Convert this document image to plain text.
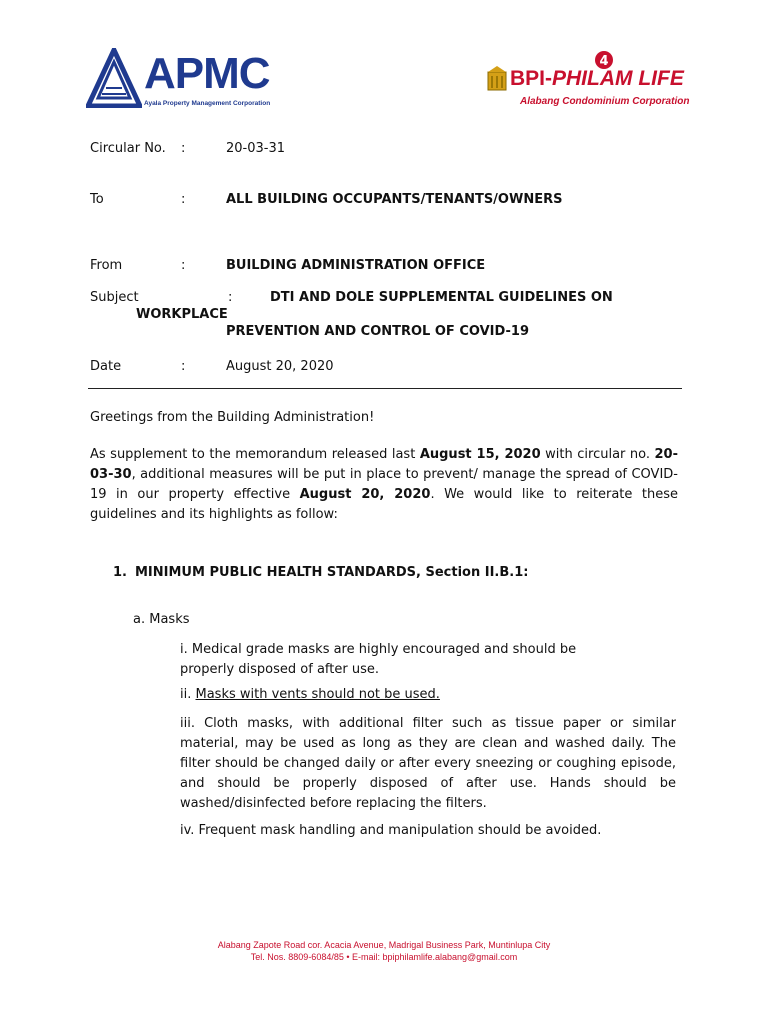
APMC
Ayala Property Management Corporation
4
BPI-PHILAM LIFE
Alabang Condominium Corporation
Circular No. :	20-03-31
To	:	ALL BUILDING OCCUPANTS/TENANTS/OWNERS
From	:	BUILDING ADMINISTRATION OFFICE
Subject	:	DTI AND DOLE SUPPLEMENTAL GUIDELINES ON
WORKPLACE
PREVENTION AND CONTROL OF COVID-19
Date	:	August 20, 2020
Greetings from the Building Administration!
As supplement to the memorandum released last August 15, 2020 with circular no. 20-03-30, additional measures will be put in place to prevent/ manage the spread of COVID-19 in our property effective August 20, 2020. We would like to reiterate these guidelines and its highlights as follow:
1. MINIMUM PUBLIC HEALTH STANDARDS, Section II.B.1:
a. Masks
i. Medical grade masks are highly encouraged and should be properly disposed of after use.
ii. Masks with vents should not be used.
iii. Cloth masks, with additional filter such as tissue paper or similar material, may be used as long as they are clean and washed daily. The filter should be changed daily or after every sneezing or coughing episode, and should be properly disposed of after use. Hands should be washed/disinfected before replacing the filters.
iv. Frequent mask handling and manipulation should be avoided.
Alabang Zapote Road cor. Acacia Avenue, Madrigal Business Park, Muntinlupa City
Tel. Nos. 8809-6084/85 • E-mail: bpiphilamlife.alabang@gmail.com
